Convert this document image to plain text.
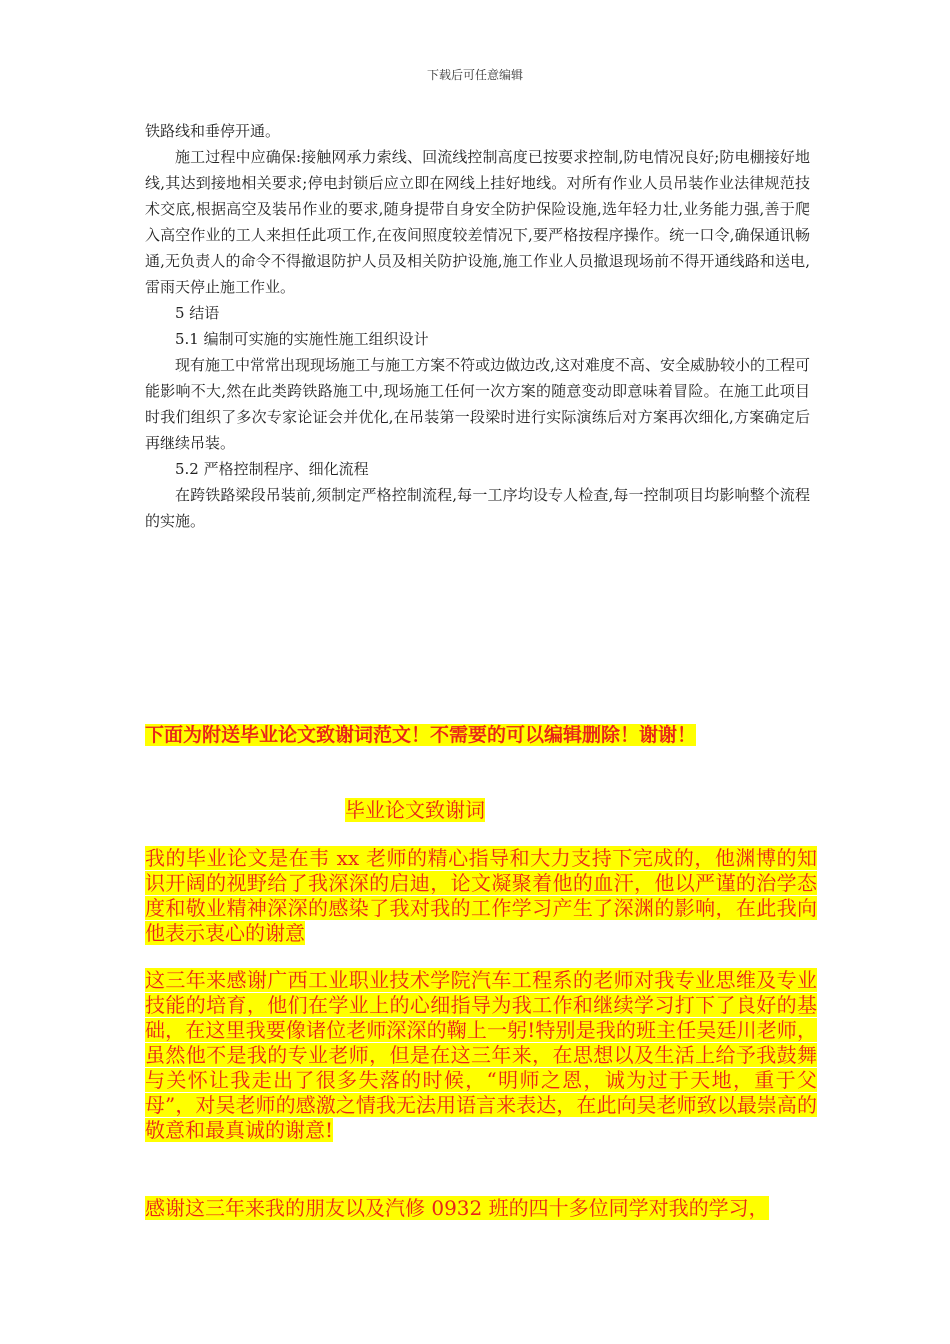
下载后可任意编辑

铁路线和垂停开通。

施工过程中应确保:接触网承力索线、回流线控制高度已按要求控制,防电情况良好;防电棚接好地线,其达到接地相关要求;停电封锁后应立即在网线上挂好地线。对所有作业人员吊装作业法律规范技术交底,根据高空及装吊作业的要求,随身提带自身安全防护保险设施,选年轻力壮,业务能力强,善于爬入高空作业的工人来担任此项工作,在夜间照度较差情况下,要严格按程序操作。统一口令,确保通讯畅通,无负责人的命令不得撤退防护人员及相关防护设施,施工作业人员撤退现场前不得开通线路和送电,雷雨天停止施工作业。

5 结语

5.1 编制可实施的实施性施工组织设计

现有施工中常常出现现场施工与施工方案不符或边做边改,这对难度不高、安全威胁较小的工程可能影响不大,然在此类跨铁路施工中,现场施工任何一次方案的随意变动即意味着冒险。在施工此项目时我们组织了多次专家论证会并优化,在吊装第一段梁时进行实际演练后对方案再次细化,方案确定后再继续吊装。

5.2 严格控制程序、细化流程

在跨铁路梁段吊装前,须制定严格控制流程,每一工序均设专人检查,每一控制项目均影响整个流程的实施。

下面为附送毕业论文致谢词范文！不需要的可以编辑删除！谢谢！

毕业论文致谢词

我的毕业论文是在韦 xx 老师的精心指导和大力支持下完成的，他渊博的知识开阔的视野给了我深深的启迪，论文凝聚着他的血汗，他以严谨的治学态度和敬业精神深深的感染了我对我的工作学习产生了深渊的影响，在此我向他表示衷心的谢意

这三年来感谢广西工业职业技术学院汽车工程系的老师对我专业思维及专业技能的培育，他们在学业上的心细指导为我工作和继续学习打下了良好的基础，在这里我要像诸位老师深深的鞠上一躬!特别是我的班主任吴廷川老师，虽然他不是我的专业老师，但是在这三年来，在思想以及生活上给予我鼓舞与关怀让我走出了很多失落的时候，“明师之恩，诚为过于天地，重于父母”，对吴老师的感激之情我无法用语言来表达，在此向吴老师致以最崇高的敬意和最真诚的谢意!

感谢这三年来我的朋友以及汽修 0932 班的四十多位同学对我的学习，
